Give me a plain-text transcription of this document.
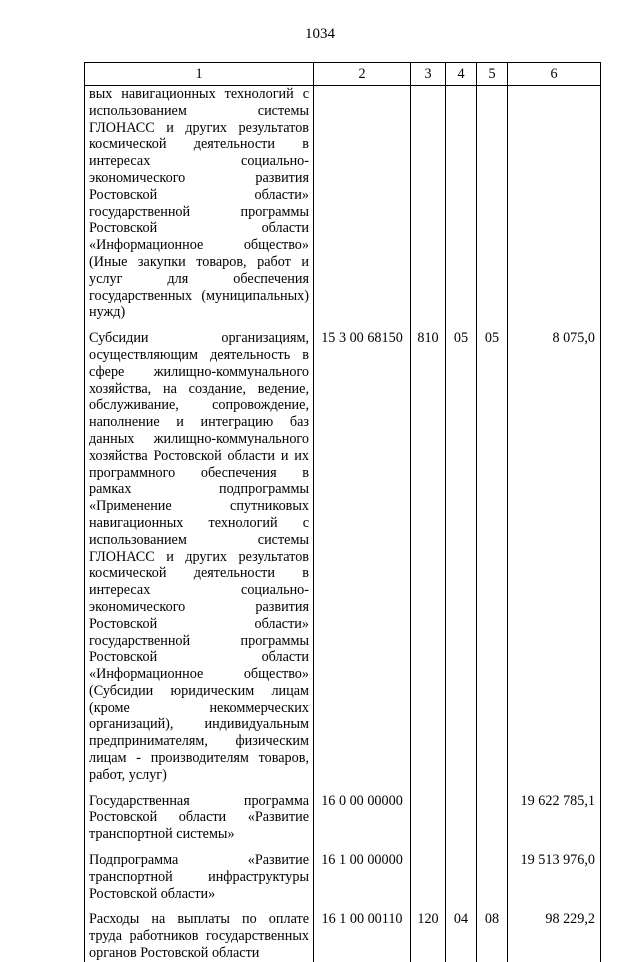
1034
1	2	3	4	5	6
вых навигационных технологий с использованием системы ГЛОНАСС и других результатов космической деятельности в интересах социально-экономического развития Ростовской области» государственной программы Ростовской области «Информационное общество» (Иные закупки товаров, работ и услуг для обеспечения государственных (муниципальных) нужд)					
Субсидии организациям, осуществляющим деятельность в сфере жилищно-коммунального хозяйства, на создание, ведение, обслуживание, сопровождение, наполнение и интеграцию баз данных жилищно-коммунального хозяйства Ростовской области и их программного обеспечения в рамках подпрограммы «Применение спутниковых навигационных технологий с использованием системы ГЛОНАСС и других результатов космической деятельности в интересах социально-экономического развития Ростовской области» государственной программы Ростовской области «Информационное общество» (Субсидии юридическим лицам (кроме некоммерческих организаций), индивидуальным предпринимателям, физическим лицам - производителям товаров, работ, услуг)	15 3 00 68150	810	05	05	8 075,0
Государственная программа Ростовской области «Развитие транспортной системы»	16 0 00 00000				19 622 785,1
Подпрограмма «Развитие транспортной инфраструктуры Ростовской области»	16 1 00 00000				19 513 976,0
Расходы на выплаты по оплате труда работников государственных органов Ростовской области	16 1 00 00110	120	04	08	98 229,2
